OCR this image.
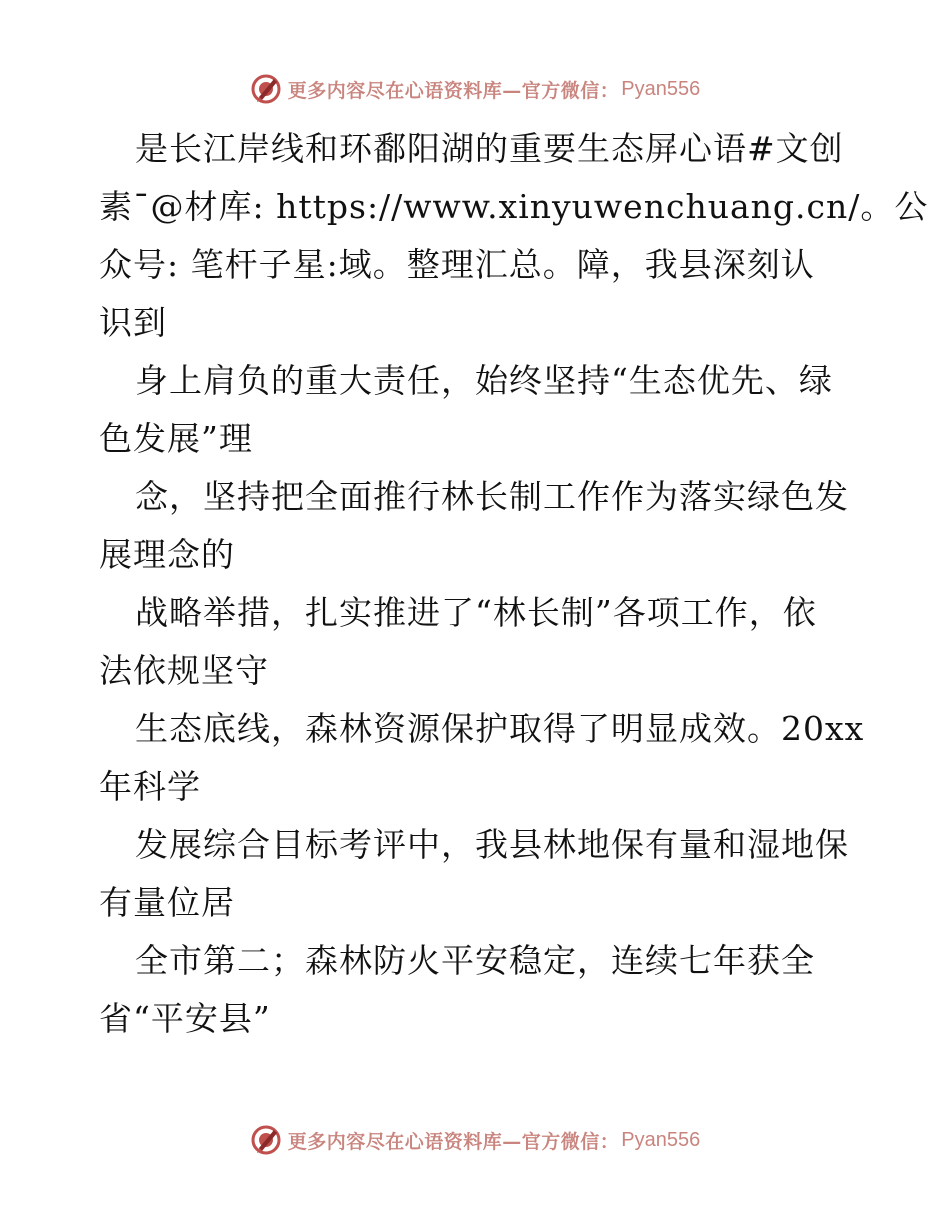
更多内容尽在心语资料库—官方微信： Pyan556
是长江岸线和环鄱阳湖的重要生态屏心语#文创
素¯@材库: https://www.xinyuwenchuang.cn/。公
众号: 笔杆子星:域。整理汇总。障，我县深刻认
识到
身上肩负的重大责任，始终坚持“生态优先、绿
色发展”理
念，坚持把全面推行林长制工作作为落实绿色发
展理念的
战略举措，扎实推进了“林长制”各项工作，依
法依规坚守
生态底线，森林资源保护取得了明显成效。20xx
年科学
发展综合目标考评中，我县林地保有量和湿地保
有量位居
全市第二；森林防火平安稳定，连续七年获全
省“平安县”
更多内容尽在心语资料库—官方微信： Pyan556
